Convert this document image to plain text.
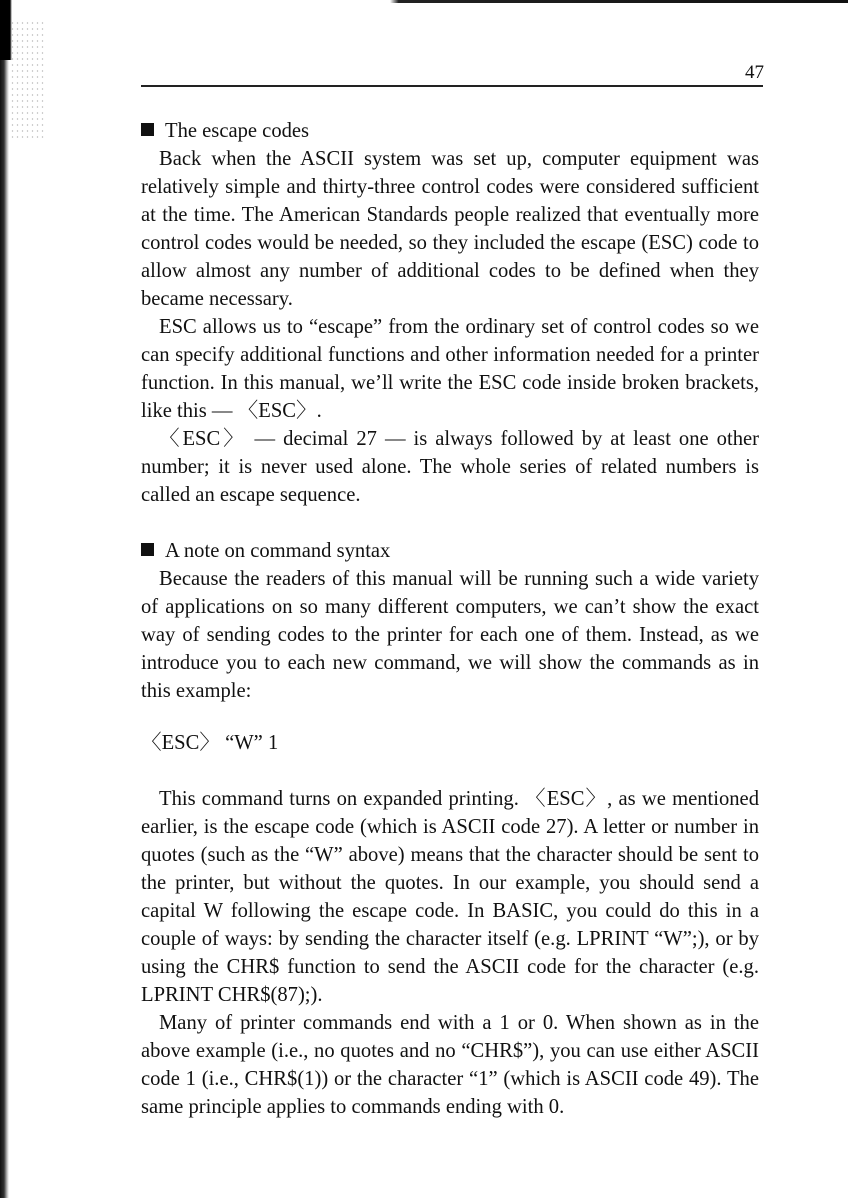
47

The escape codes

Back when the ASCII system was set up, computer equipment was relatively simple and thirty-three control codes were considered sufficient at the time. The American Standards people realized that eventually more control codes would be needed, so they included the escape (ESC) code to allow almost any number of additional codes to be defined when they became necessary.

ESC allows us to “escape” from the ordinary set of control codes so we can specify additional functions and other information needed for a printer function. In this manual, we’ll write the ESC code inside broken brackets, like this — 〈ESC〉.

〈ESC〉 — decimal 27 — is always followed by at least one other number; it is never used alone. The whole series of related numbers is called an escape sequence.

A note on command syntax

Because the readers of this manual will be running such a wide variety of applications on so many different computers, we can’t show the exact way of sending codes to the printer for each one of them. Instead, as we introduce you to each new command, we will show the commands as in this example:

〈ESC〉 “W” 1

This command turns on expanded printing. 〈ESC〉, as we mentioned earlier, is the escape code (which is ASCII code 27). A letter or number in quotes (such as the “W” above) means that the character should be sent to the printer, but without the quotes. In our example, you should send a capital W following the escape code. In BASIC, you could do this in a couple of ways: by sending the character itself (e.g. LPRINT “W”;), or by using the CHR$ function to send the ASCII code for the character (e.g. LPRINT CHR$(87);).

Many of printer commands end with a 1 or 0. When shown as in the above example (i.e., no quotes and no “CHR$”), you can use either ASCII code 1 (i.e., CHR$(1)) or the character “1” (which is ASCII code 49). The same principle applies to commands ending with 0.
